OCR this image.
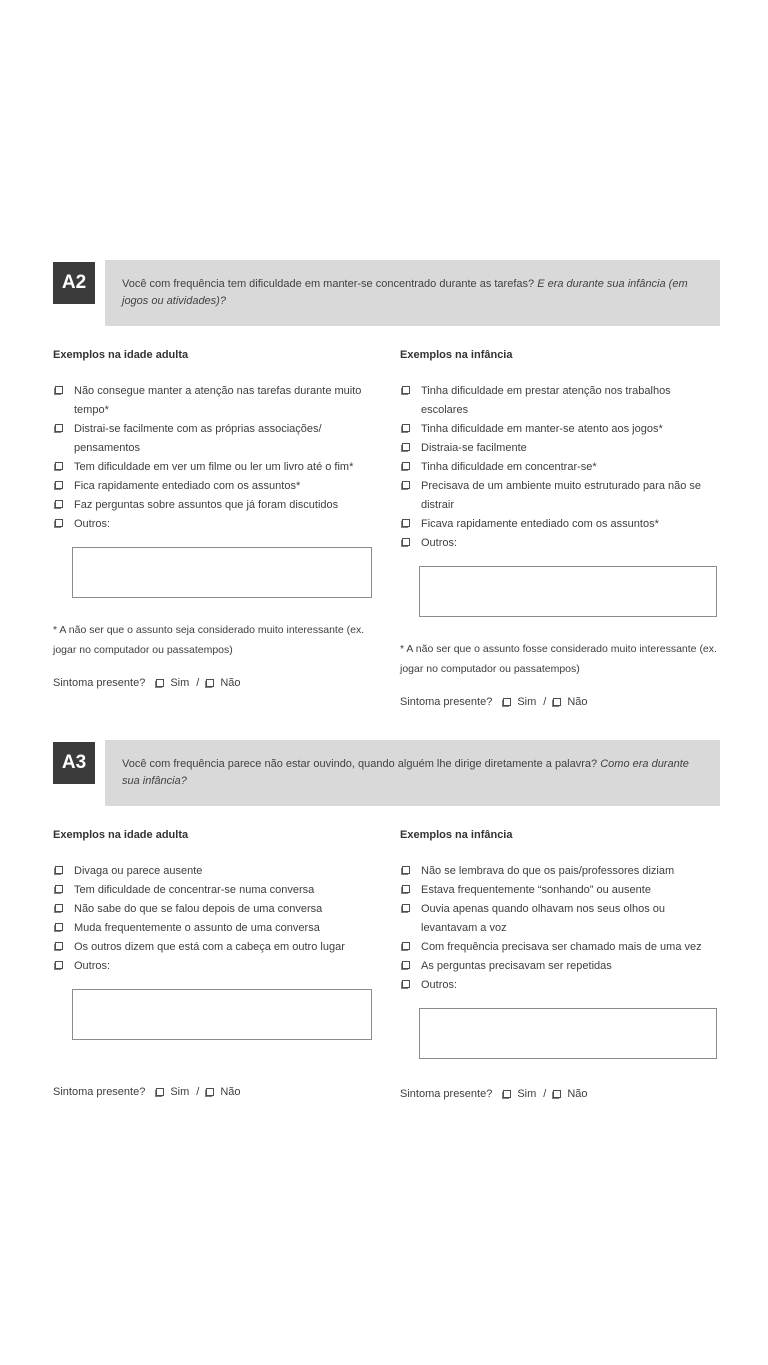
A2	Você com frequência tem dificuldade em manter-se concentrado durante as tarefas? E era durante sua infância (em jogos ou atividades)?
Exemplos na idade adulta
Não consegue manter a atenção nas tarefas durante muito tempo*
Distrai-se facilmente com as próprias associações/ pensamentos
Tem dificuldade em ver um filme ou ler um livro até o fim*
Fica rapidamente entediado com os assuntos*
Faz perguntas sobre assuntos que já foram discutidos
Outros:
* A não ser que o assunto seja considerado muito interessante (ex. jogar no computador ou passatempos)
Sintoma presente? Sim / Não
Exemplos na infância
Tinha dificuldade em prestar atenção nos trabalhos escolares
Tinha dificuldade em manter-se atento aos jogos*
Distraia-se facilmente
Tinha dificuldade em concentrar-se*
Precisava de um ambiente muito estruturado para não se distrair
Ficava rapidamente entediado com os assuntos*
Outros:
* A não ser que o assunto fosse considerado muito interessante (ex. jogar no computador ou passatempos)
Sintoma presente? Sim / Não
A3	Você com frequência parece não estar ouvindo, quando alguém lhe dirige diretamente a palavra? Como era durante sua infância?
Exemplos na idade adulta
Divaga ou parece ausente
Tem dificuldade de concentrar-se numa conversa
Não sabe do que se falou depois de uma conversa
Muda frequentemente o assunto de uma conversa
Os outros dizem que está com a cabeça em outro lugar
Outros:
Sintoma presente? Sim / Não
Exemplos na infância
Não se lembrava do que os pais/professores diziam
Estava frequentemente “sonhando” ou ausente
Ouvia apenas quando olhavam nos seus olhos ou levantavam a voz
Com frequência precisava ser chamado mais de uma vez
As perguntas precisavam ser repetidas
Outros:
Sintoma presente? Sim / Não
